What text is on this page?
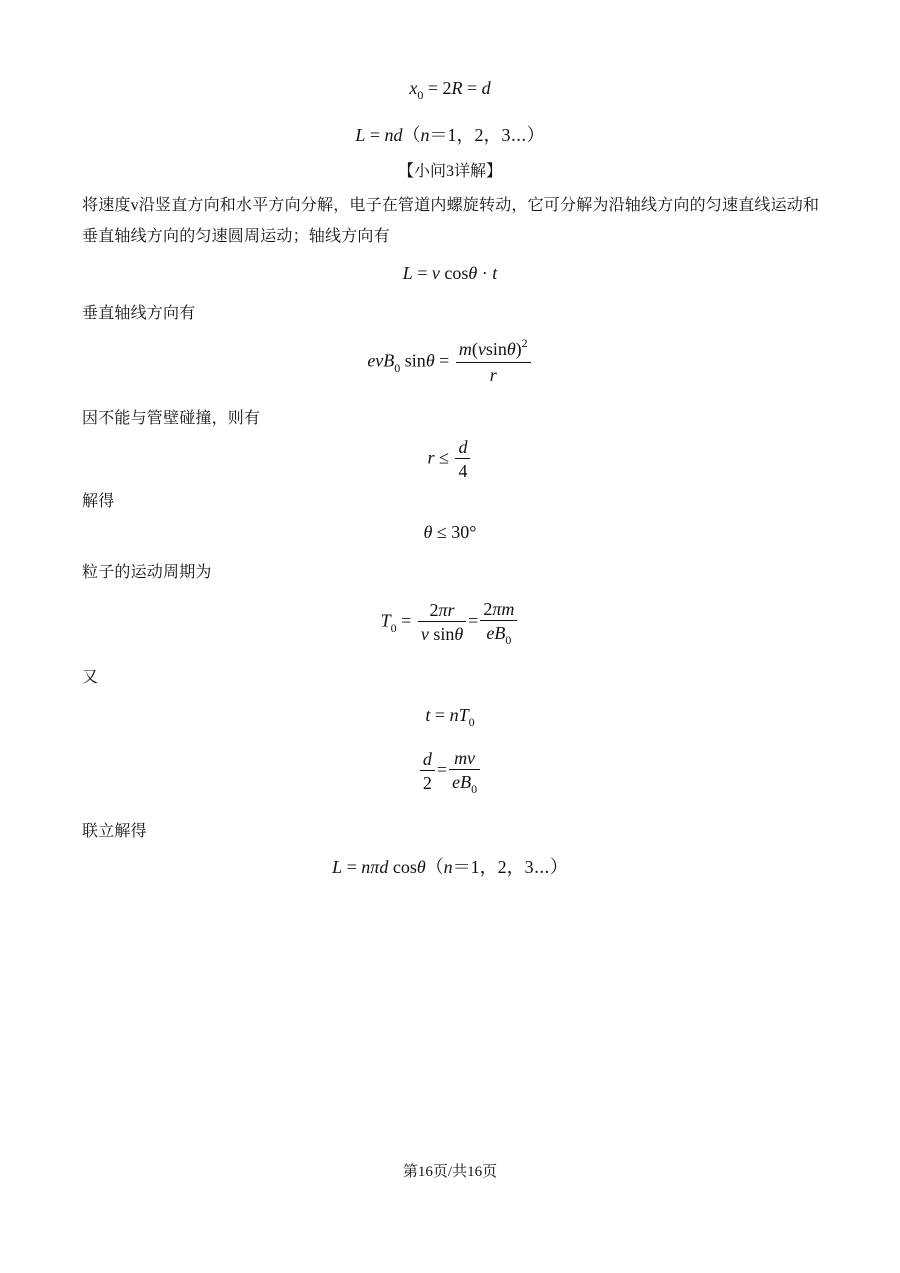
$x_0 = 2R = d$
L = nd（n＝1，2，3⋯）
【小问3详解】
将速度v沿竖直方向和水平方向分解，电子在管道内螺旋转动，它可分解为沿轴线方向的匀速直线运动和
垂直轴线方向的匀速圆周运动；轴线方向有
L = v cosθ · t
垂直轴线方向有
evB$_0$ $\sin\theta = \frac{m(vsin\theta)^2}{r}$
因不能与管壁碰撞，则有
$r \le \frac{d}{4}$
解得
θ ≤ 30°
粒子的运动周期为
$T_0 = \frac{2\pi r}{\text{v sinθ}} = \frac{2\pi m}{eB_0}$
又
$t = nT_0$
$\frac{d}{2} = \frac{mv}{eB_0}$
联立解得
L = nπd cosθ（n＝1，2，3⋯）
第16页/共16页
